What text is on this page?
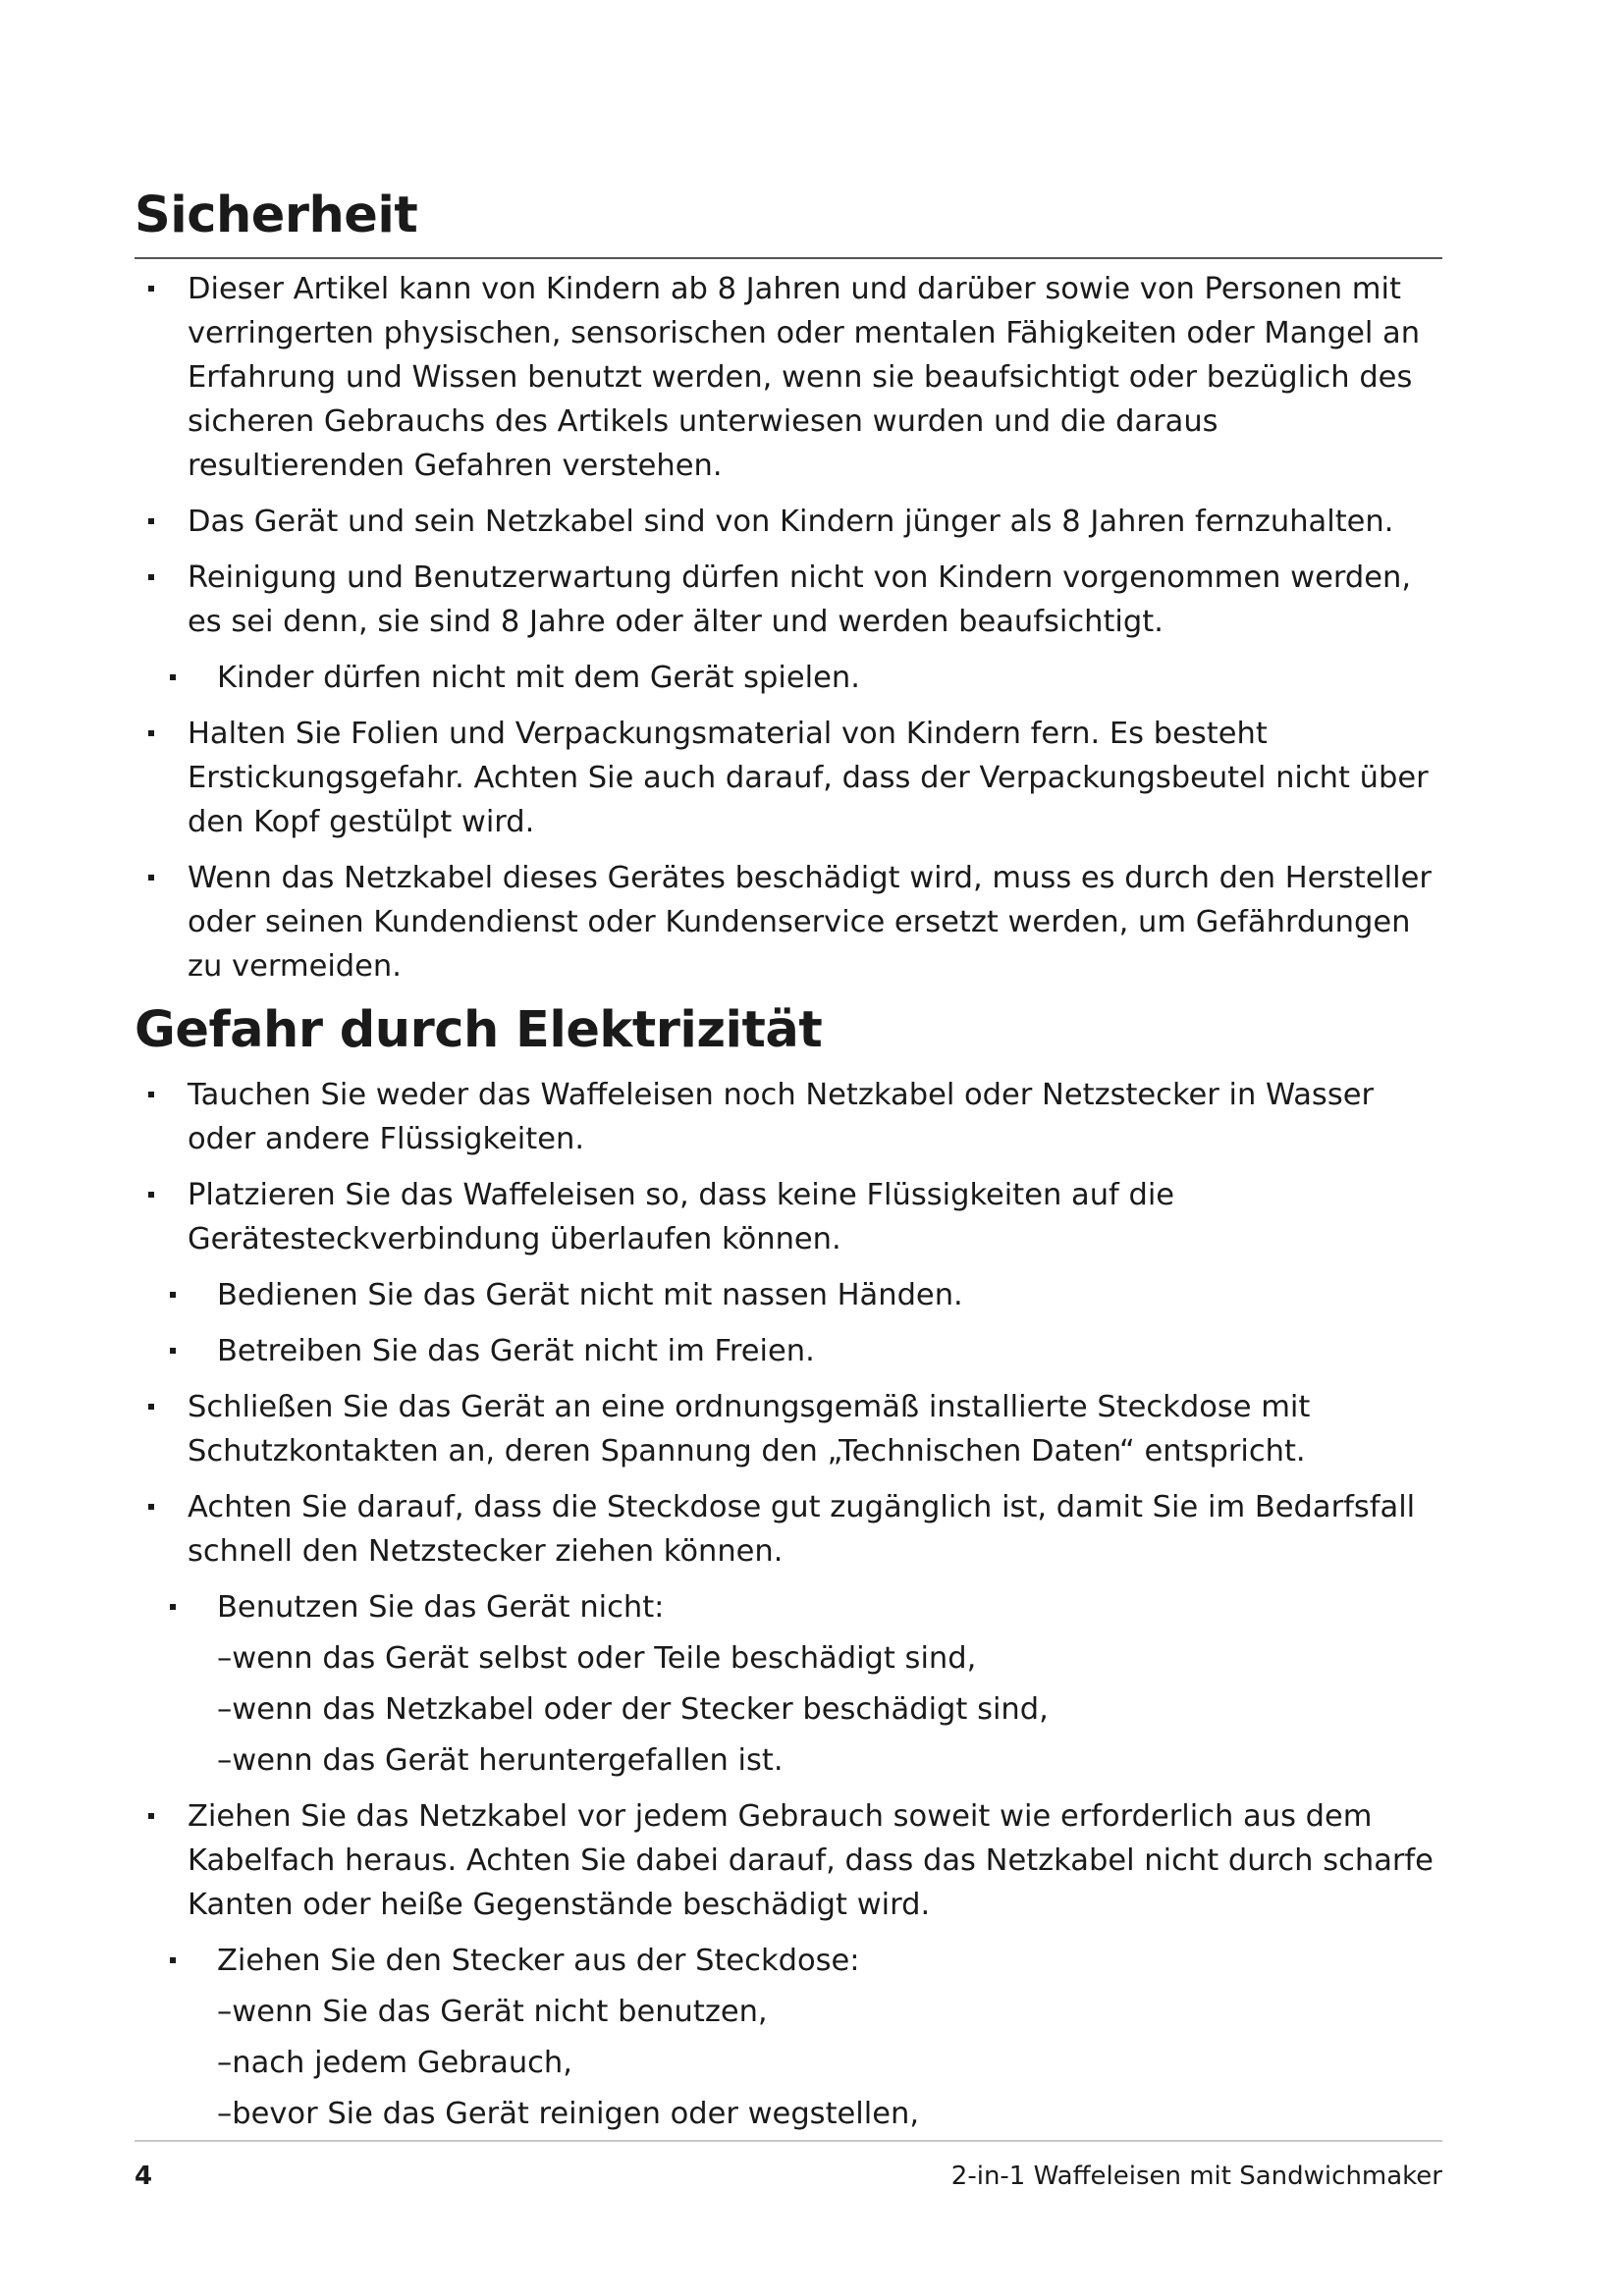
Sicherheit
Dieser Artikel kann von Kindern ab 8 Jahren und darüber sowie von Personen mit verringerten physischen, sensorischen oder mentalen Fähigkeiten oder Mangel an Erfahrung und Wissen benutzt werden, wenn sie beaufsichtigt oder bezüglich des sicheren Gebrauchs des Artikels unterwiesen wurden und die daraus resultierenden Gefahren verstehen.
Das Gerät und sein Netzkabel sind von Kindern jünger als 8 Jahren fernzuhalten.
Reinigung und Benutzerwartung dürfen nicht von Kindern vorgenommen werden, es sei denn, sie sind 8 Jahre oder älter und werden beaufsichtigt.
Kinder dürfen nicht mit dem Gerät spielen.
Halten Sie Folien und Verpackungsmaterial von Kindern fern. Es besteht Erstickungsgefahr. Achten Sie auch darauf, dass der Verpackungsbeutel nicht über den Kopf gestülpt wird.
Wenn das Netzkabel dieses Gerätes beschädigt wird, muss es durch den Hersteller oder seinen Kundendienst oder Kundenservice ersetzt werden, um Gefährdungen zu vermeiden.
Gefahr durch Elektrizität
Tauchen Sie weder das Waffeleisen noch Netzkabel oder Netzstecker in Wasser oder andere Flüssigkeiten.
Platzieren Sie das Waffeleisen so, dass keine Flüssigkeiten auf die Gerätesteckverbindung überlaufen können.
Bedienen Sie das Gerät nicht mit nassen Händen.
Betreiben Sie das Gerät nicht im Freien.
Schließen Sie das Gerät an eine ordnungsgemäß installierte Steckdose mit Schutzkontakten an, deren Spannung den „Technischen Daten“ entspricht.
Achten Sie darauf, dass die Steckdose gut zugänglich ist, damit Sie im Bedarfsfall schnell den Netzstecker ziehen können.
Benutzen Sie das Gerät nicht:
–wenn das Gerät selbst oder Teile beschädigt sind,
–wenn das Netzkabel oder der Stecker beschädigt sind,
–wenn das Gerät heruntergefallen ist.
Ziehen Sie das Netzkabel vor jedem Gebrauch soweit wie erforderlich aus dem Kabelfach heraus. Achten Sie dabei darauf, dass das Netzkabel nicht durch scharfe Kanten oder heiße Gegenstände beschädigt wird.
Ziehen Sie den Stecker aus der Steckdose:
–wenn Sie das Gerät nicht benutzen,
–nach jedem Gebrauch,
–bevor Sie das Gerät reinigen oder wegstellen,
4	2-in-1 Waffeleisen mit Sandwichmaker
